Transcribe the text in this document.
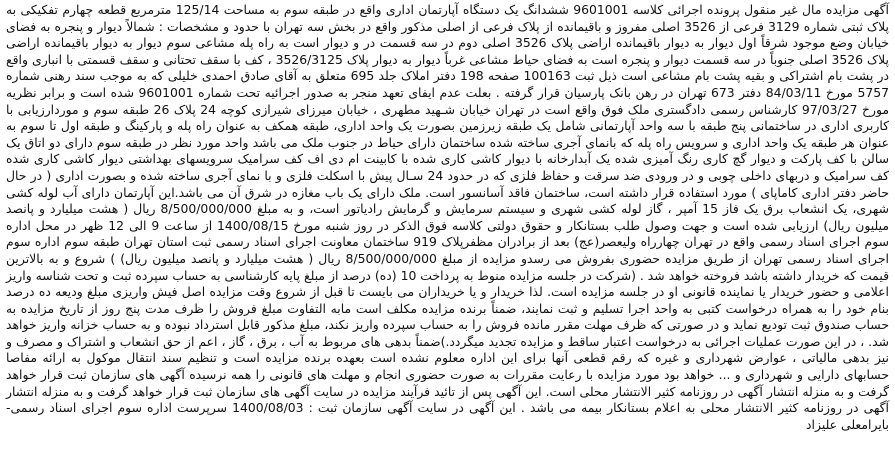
آگهی مزایده مال غیر منقول پرونده اجرائی کلاسه 9601001 ششدانگ یک دستگاه آپارتمان اداری واقع در طبقه سوم به مساحت 125/14 مترمربع قطعه چهارم تفکیکی به پلاک ثبتی شماره 3129 فرعی از 3526 اصلی مفروز و باقیمانده از پلاک فرعی از اصلی مذکور واقع در بخش سه تهران با حدود و مشخصات : شمالاً دیوار و پنجره به فضای خیابان وضع موجود شرقاً اول دیوار به دیوار باقیمانده اراضی پلاک 3526 اصلی دوم در سه قسمت در و دیوار است به راه پله مشاعی سوم دیوار به دیوار باقیمانده اراضی پلاک 3526 اصلی جنوباً در سه قسمت دیوار و پنجره است به فضای حیاط مشاعی غرباً دیوار به دیوار پلاک 3526/3125 ، کف با سقف تحتانی و سقف قسمتی با انباری واقع در پشت بام اشتراکی و بقیه پشت بام مشاعی است ذیل ثبت 100163 صفحه 198 دفتر املاک جلد 695 متعلق به آقای صادق احمدی خلیلی که به موجب سند رهنی شماره 5757 مورخ 84/03/11 دفتر 673 تهران در رهن بانک پارسیان قرار گرفته . بعلت عدم ایفای تعهد منجر به صدور اجرائیه تحت شماره 9601001 شده است و برابر نظریه مورخ 97/03/27 کارشناس رسمی دادگستری ملک فوق واقع است در تهران خیابان شـهید مطهری ، خیابان میرزای شیرازی کوچه 24 پلاک 26 طبقه سوم و موردارزیابی با کاربری اداری در ساختمانی پنج طبقه با سه واحد آپارتمانی شامل یک طبقه زیرزمین بصورت یک واحد اداری، طبقه همکف به عنوان راه پله و پارکینگ و طبقه اول تا سوم به عنوان هر طبقه یک واحد اداری و سرویس راه پله که بانمای آجری ساخته شده ساختمان دارای حیاط در جنوب ملک می باشد واحد مورد نظر در طبقه سوم دارای دو اتاق یک سالن با کف پارکت و دیوار گچ کاری رنگ آمیزی شده یک آبدارخانه با دیوار کاشی کاری شده با کابینت ام دی اف کف سرامیک سرویسهای بهداشتی دیوار کاشی کاری شده کف سرامیک و دربهای داخلی چوبی و در ورودی ضد سرقت و حفاظ فلزی که در حدود 24 سـال پیش با اسکلت فلزی و با نمای آجری ساخته شده و بصورت اداری ( در حال حاضر دفتر اداری کاماپای ) مورد استفاده قرار داشته است، ساختمان فاقد آسانسور است. ملک دارای یک باب مغازه در شرق آن می باشد.این آپارتمان دارای آب لوله کشی شهری، یک انشعاب برق یک فاز 15 آمپر ، گاز لوله کشی شهری و سیستم سرمایش و گرمایش رادیاتور است، و به مبلغ 8/500/000/000 ریال ( هشت میلیارد و پانصد میلیون ریال) ارزیابی شده است و جهت وصول طلب بستانکار و حقوق دولتی کلاسه فوق الذکر در روز شنبه مورخ 1400/08/15 از ساعت 9 الی 12 ظهر در محل اداره سوم اجرای اسناد رسمی واقع در تهران چهارراه ولیعصر(عج) بعد از برادران مظفرپلاک 919 ساختمان معاونت اجرای اسناد رسمی ثبت استان تهران طبقه سوم اداره سوم اجرای اسناد رسمی تهران از طریق مزایده حضوری بفروش می رسدو مزایده از مبلغ 8/500/000/000 ریال ( هشت میلیارد و پانصد میلیون ریال) ) شروع و به بالاترین قیمت که خریدار داشته باشد فروخته خواهد شد . (شرکت در جلسه مزایده منوط به پرداخت 10 (ده) درصد از مبلغ پایه کارشناسی به حساب سپرده ثبت و تحت شناسه واریز اعلامی و حضور خریدار یا نماینده قانونی او در جلسه مزایده است. لذا خریدار و یا خریداران می بایست تا قبل از شروع وقت مزایده اصل فیش واریزی مبلغ ودیعه ده درصد بنام خود را به همراه درخواست کتبی به واحد اجرا تسلیم و ثبت نمایند، ضمناً برنده مزایده مکلف است مابه التفاوت مبلغ فروش را ظرف مدت پنج روز از تاریخ مزایده به حساب صندوق ثبت تودیع نماید و در صورتی که ظرف مهلت مقرر مانده فروش را به حساب سپرده واریز نکند، مبلغ مذکور قابل استرداد نبوده و به حساب خزانه واریز خواهد شد. ، در این صورت عملیات اجرائی به درخواست اعتبار ساقط و مزایده تجدید میگردد.)ضمناً بدهی های مربوط به آب ، برق ، گاز ، اعم از حق انشعاب و اشتراک و مصرف و نیز بدهی مالیاتی ، عوارض شهرداری و غیره که رقم قطعی آنها برای این اداره معلوم نشده است بعهده برنده مزایده است و تنظیم سند انتقال موکول به ارائه مفاصا حسابهای دارایی و شهرداری و ... خواهد بود مورد مزایده با رعایت مقررات به صورت حضوری انجام و مهلت های قانونی را همه نرسیده آگهی های سازمان ثبت قرار خواهد گرفت و به منزله انتشار آگهی در روزنامه کثیر الانتشار محلی است. این آگهی پس از تائید فرآیند مزایده در سایت آگهی های سازمان ثبت قرار خواهد گرفت و به منزله انتشار آگهی در روزنامه کثیر الانتشار محلی به اعلام بستانکار بیمه می باشد . این آگهی در سایت آگهی سازمان ثبت : 1400/08/03 سرپرست اداره سوم اجرای اسناد رسمی- بایرامعلی علیزاد
